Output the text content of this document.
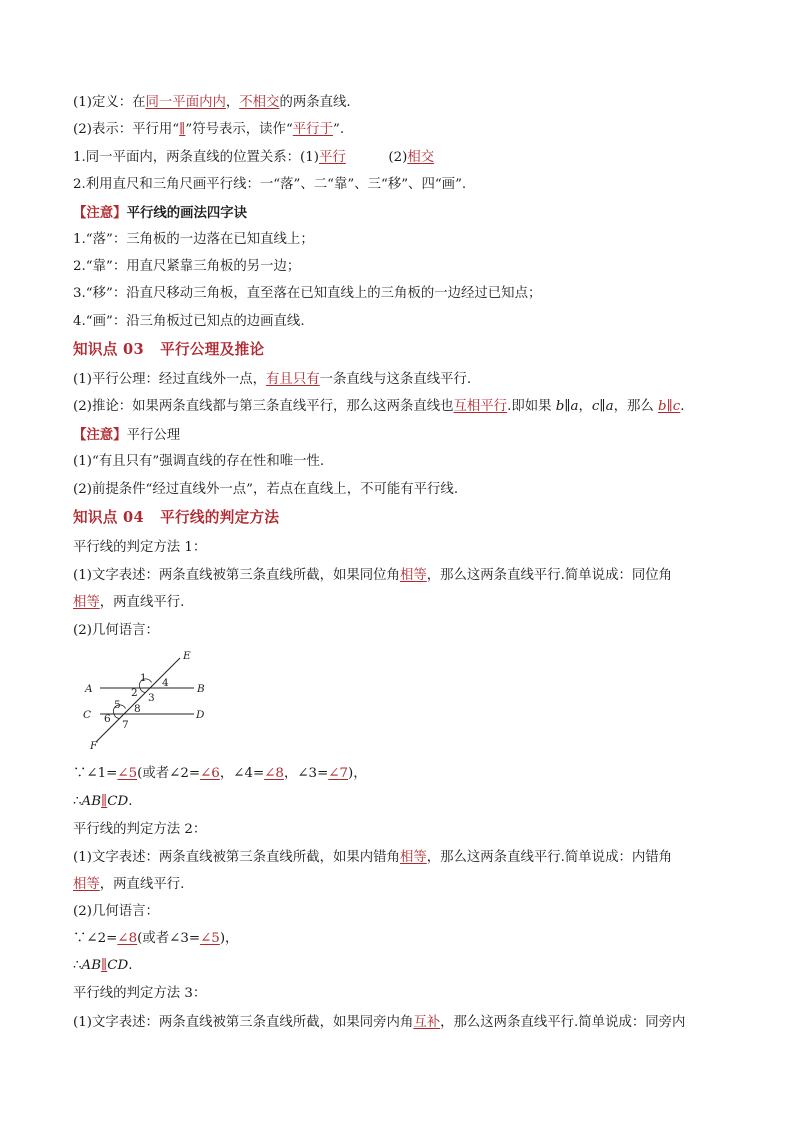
(1)定义：在同一平面内内，不相交的两条直线.
(2)表示：平行用“∥”符号表示，读作“平行于”.
1.同一平面内，两条直线的位置关系：(1)平行          (2)相交
2.利用直尺和三角尺画平行线：一“落”、二“靠”、三“移”、四“画”.
【注意】平行线的画法四字诀
1.“落”：三角板的一边落在已知直线上；
2.“靠”：用直尺紧靠三角板的另一边；
3.“移”：沿直尺移动三角板，直至落在已知直线上的三角板的一边经过已知点；
4.“画”：沿三角板过已知点的边画直线.
知识点 03   平行公理及推论
(1)平行公理：经过直线外一点，有且只有一条直线与这条直线平行.
(2)推论：如果两条直线都与第三条直线平行，那么这两条直线也互相平行.即如果 b∥a，c∥a，那么 b∥c.
【注意】平行公理
(1)“有且只有”强调直线的存在性和唯一性.
(2)前提条件“经过直线外一点”，若点在直线上，不可能有平行线.
知识点 04   平行线的判定方法
平行线的判定方法 1：
(1)文字表述：两条直线被第三条直线所截，如果同位角相等，那么这两条直线平行.简单说成：同位角
相等，两直线平行.
(2)几何语言：
∵∠1=∠5(或者∠2=∠6，∠4=∠8，∠3=∠7)，
∴AB∥CD.
平行线的判定方法 2：
(1)文字表述：两条直线被第三条直线所截，如果内错角相等，那么这两条直线平行.简单说成：内错角
相等，两直线平行.
(2)几何语言：
∵∠2=∠8(或者∠3=∠5)，
∴AB∥CD.
平行线的判定方法 3：
(1)文字表述：两条直线被第三条直线所截，如果同旁内角互补，那么这两条直线平行.简单说成：同旁内
A	B
C	D
E
F
1
2 3
4
5
6 7
8
